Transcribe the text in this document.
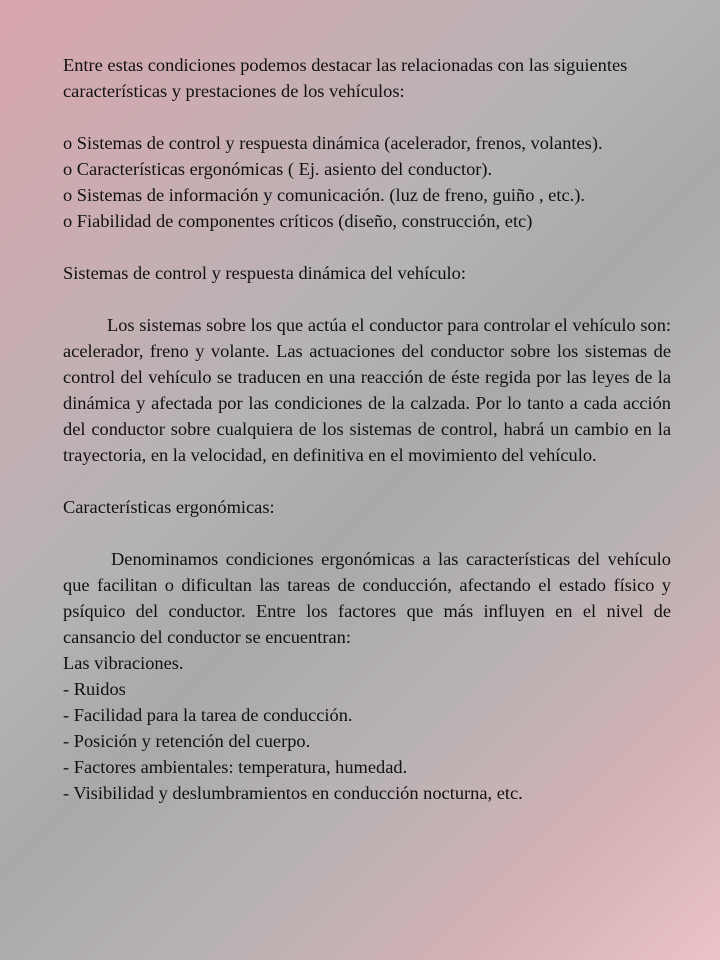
Entre estas condiciones podemos destacar las relacionadas con las siguientes características y prestaciones de los vehículos:

o Sistemas de control y respuesta dinámica (acelerador, frenos, volantes).

o Características ergonómicas ( Ej. asiento del conductor).

o Sistemas de información y comunicación. (luz de freno, guiño , etc.).

o Fiabilidad de componentes críticos (diseño, construcción, etc)

Sistemas de control y respuesta dinámica del vehículo:

Los sistemas sobre los que actúa el conductor para controlar el vehículo son: acelerador, freno y volante. Las actuaciones del conductor sobre los sistemas de control del vehículo se traducen en una reacción de éste regida por las leyes de la dinámica y afectada por las condiciones de la calzada. Por lo tanto a cada acción del conductor sobre cualquiera de los sistemas de control, habrá un cambio en la trayectoria, en la velocidad, en definitiva en el movimiento del vehículo.

Características ergonómicas:

Denominamos condiciones ergonómicas a las características del vehículo que facilitan o dificultan las tareas de conducción, afectando el estado físico y psíquico del conductor. Entre los factores que más influyen en el nivel de cansancio del conductor se encuentran:

Las vibraciones.

- Ruidos

- Facilidad para la tarea de conducción.

- Posición y retención del cuerpo.

- Factores ambientales: temperatura, humedad.

- Visibilidad y deslumbramientos en conducción nocturna, etc.
